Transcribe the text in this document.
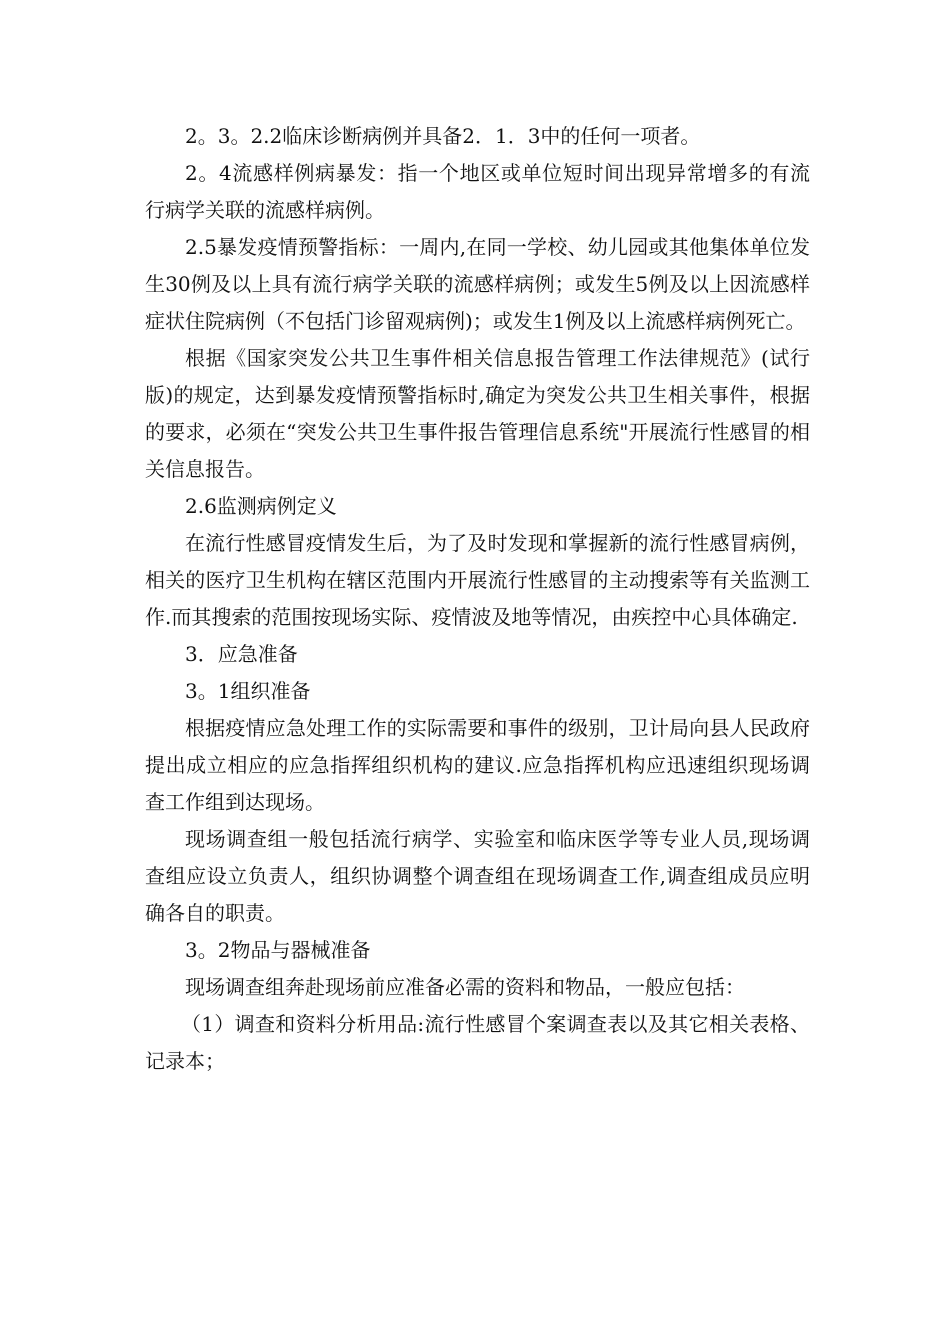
2。3。2.2临床诊断病例并具备2．1．3中的任何一项者。

2。4流感样例病暴发：指一个地区或单位短时间出现异常增多的有流行病学关联的流感样病例。

2.5暴发疫情预警指标：一周内,在同一学校、幼儿园或其他集体单位发生30例及以上具有流行病学关联的流感样病例；或发生5例及以上因流感样症状住院病例（不包括门诊留观病例)；或发生1例及以上流感样病例死亡。

根据《国家突发公共卫生事件相关信息报告管理工作法律规范》(试行版)的规定，达到暴发疫情预警指标时,确定为突发公共卫生相关事件，根据的要求，必须在“突发公共卫生事件报告管理信息系统"开展流行性感冒的相关信息报告。

2.6监测病例定义

在流行性感冒疫情发生后，为了及时发现和掌握新的流行性感冒病例，相关的医疗卫生机构在辖区范围内开展流行性感冒的主动搜索等有关监测工作.而其搜索的范围按现场实际、疫情波及地等情况，由疾控中心具体确定.

3．应急准备

3。1组织准备

根据疫情应急处理工作的实际需要和事件的级别，卫计局向县人民政府提出成立相应的应急指挥组织机构的建议.应急指挥机构应迅速组织现场调查工作组到达现场。

现场调查组一般包括流行病学、实验室和临床医学等专业人员,现场调查组应设立负责人，组织协调整个调查组在现场调查工作,调查组成员应明确各自的职责。

3。2物品与器械准备

现场调查组奔赴现场前应准备必需的资料和物品，一般应包括：

（1）调查和资料分析用品:流行性感冒个案调查表以及其它相关表格、记录本；
